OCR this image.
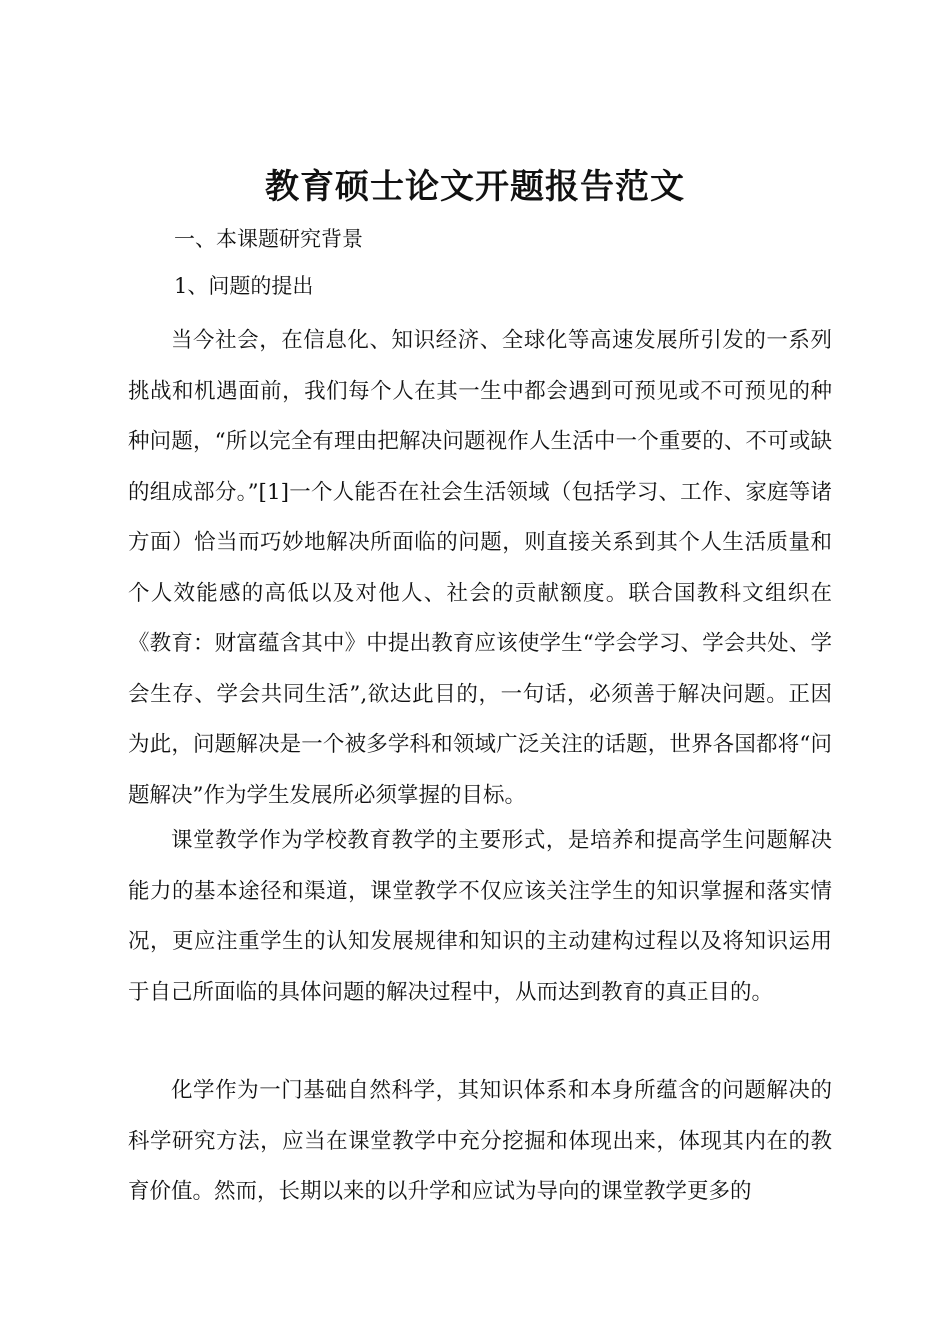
教育硕士论文开题报告范文

一、本课题研究背景

1、问题的提出

当今社会，在信息化、知识经济、全球化等高速发展所引发的一系列挑战和机遇面前，我们每个人在其一生中都会遇到可预见或不可预见的种种问题，“所以完全有理由把解决问题视作人生活中一个重要的、不可或缺的组成部分。”[1]一个人能否在社会生活领域（包括学习、工作、家庭等诸方面）恰当而巧妙地解决所面临的问题，则直接关系到其个人生活质量和个人效能感的高低以及对他人、社会的贡献额度。联合国教科文组织在《教育：财富蕴含其中》中提出教育应该使学生“学会学习、学会共处、学会生存、学会共同生活”,欲达此目的，一句话，必须善于解决问题。正因为此，问题解决是一个被多学科和领域广泛关注的话题，世界各国都将“问题解决”作为学生发展所必须掌握的目标。

课堂教学作为学校教育教学的主要形式，是培养和提高学生问题解决能力的基本途径和渠道，课堂教学不仅应该关注学生的知识掌握和落实情况，更应注重学生的认知发展规律和知识的主动建构过程以及将知识运用于自己所面临的具体问题的解决过程中，从而达到教育的真正目的。

化学作为一门基础自然科学，其知识体系和本身所蕴含的问题解决的科学研究方法，应当在课堂教学中充分挖掘和体现出来，体现其内在的教育价值。然而，长期以来的以升学和应试为导向的课堂教学更多的
